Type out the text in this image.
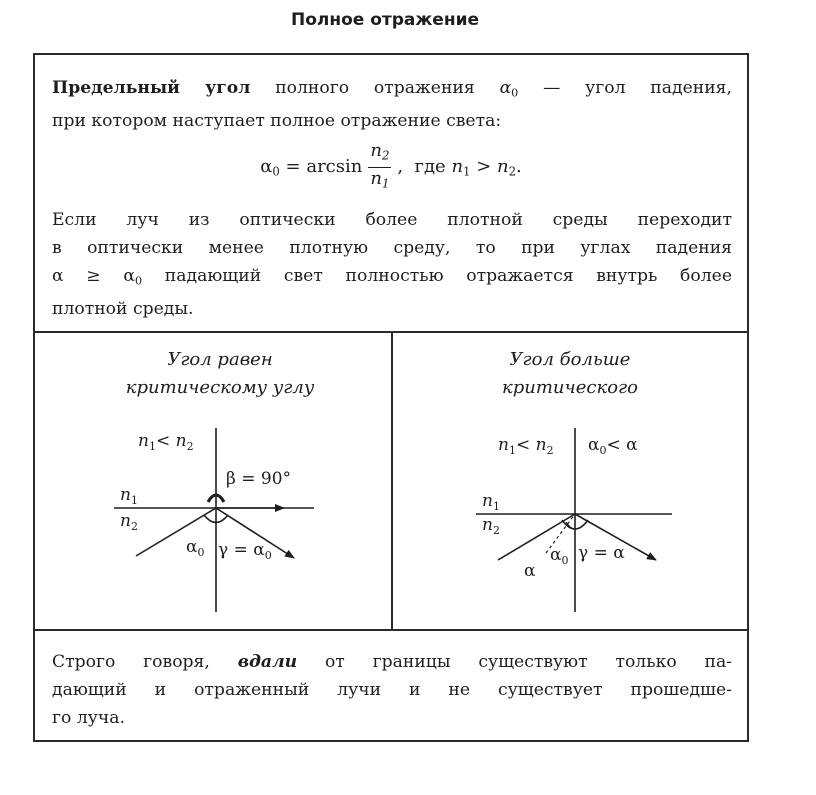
Полное отражение

Предельный угол полного отражения α0 — угол падения,

при котором наступает полное отражение света:

$\alpha 0 = \arcsin \frac{n2}{n1}$ ,  где n1 > n2.

Если луч из оптически более плотной среды переходит

в оптически менее плотную среду, то при углах падения

α ≥ α0 падающий свет полностью отражается внутрь более

плотной среды.

Угол равен
критическому углу
Угол больше
критического
$n_1< n_2$
β = 90°
$n_1$
$n_2$
$\alpha_0$ $\gamma = \alpha_0$
$n_1< n_2$ $\alpha_0< \alpha$
$n_1$
$n_2$
α
$\alpha_0$ γ = α

Строго говоря, вдали от границы существуют только па-

дающий и отраженный лучи и не существует прошедше-

го луча.
